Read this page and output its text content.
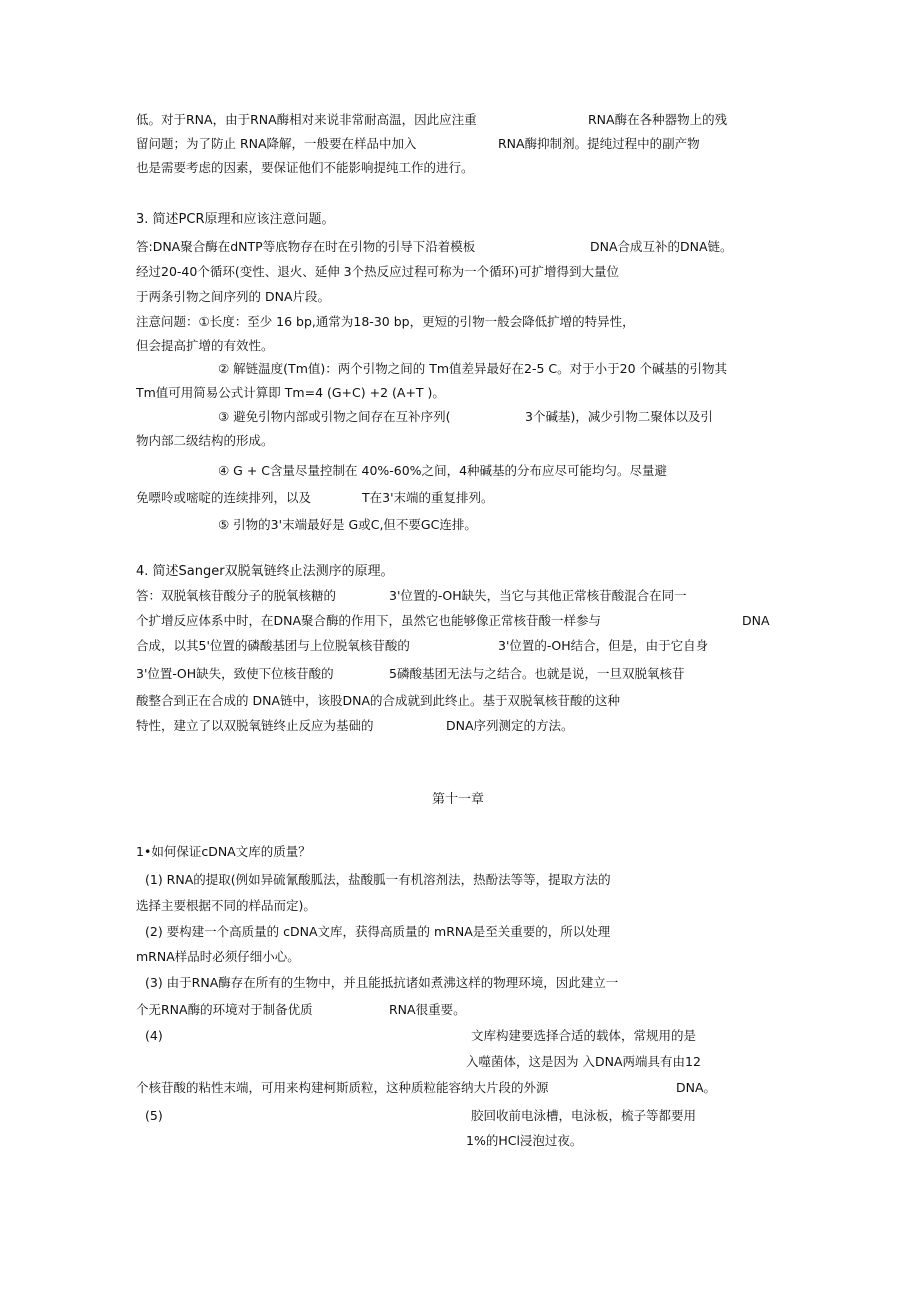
低。对于RNA，由于RNA酶相对来说非常耐高温，因此应注重	RNA酶在各种器物上的残
留问题；为了防止 RNA降解，一般要在样品中加入	RNA酶抑制剂。提纯过程中的副产物
也是需要考虑的因素，要保证他们不能影响提纯工作的进行。
3. 简述PCR原理和应该注意问题。
答:DNA聚合酶在dNTP等底物存在时在引物的引导下沿着模板	DNA合成互补的DNA链。
经过20-40个循环(变性、退火、延伸 3个热反应过程可称为一个循环)可扩增得到大量位
于两条引物之间序列的 DNA片段。
注意问题：①长度：至少 16 bp,通常为18-30 bp，更短的引物一般会降低扩增的特异性，
但会提高扩增的有效性。
② 解链温度(Tm值)：两个引物之间的 Tm值差异最好在2-5 C。对于小于20 个碱基的引物其
Tm值可用简易公式计算即 Tm=4 (G+C) +2 (A+T )。
③ 避免引物内部或引物之间存在互补序列(	3个碱基)，减少引物二聚体以及引
物内部二级结构的形成。
④ G + C含量尽量控制在 40%-60%之间，4种碱基的分布应尽可能均匀。尽量避
免嘌呤或嘧啶的连续排列，以及	T在3'末端的重复排列。
⑤ 引物的3'末端最好是 G或C,但不要GC连排。
4. 简述Sanger双脱氧链终止法测序的原理。
答：双脱氧核苷酸分子的脱氧核糖的	3'位置的-OH缺失，当它与其他正常核苷酸混合在同一
个扩增反应体系中时，在DNA聚合酶的作用下，虽然它也能够像正常核苷酸一样参与	DNA
合成，以其5'位置的磷酸基团与上位脱氧核苷酸的	3'位置的-OH结合，但是，由于它自身
3'位置-OH缺失，致使下位核苷酸的	5磷酸基团无法与之结合。也就是说，一旦双脱氧核苷
酸整合到正在合成的 DNA链中，该股DNA的合成就到此终止。基于双脱氧核苷酸的这种
特性，建立了以双脱氧链终止反应为基础的	DNA序列测定的方法。
第十一章
1•如何保证cDNA文库的质量？
(1) RNA的提取(例如异硫氰酸胍法，盐酸胍一有机溶剂法，热酚法等等，提取方法的
选择主要根据不同的样品而定)。
(2) 要构建一个高质量的 cDNA文库，获得高质量的 mRNA是至关重要的，所以处理
mRNA样品时必须仔细小心。
(3) 由于RNA酶存在所有的生物中，并且能抵抗诸如煮沸这样的物理环境，因此建立一
个无RNA酶的环境对于制备优质	RNA很重要。
(4)	文库构建要选择合适的载体，常规用的是
入噬菌体，这是因为 入DNA两端具有由12
个核苷酸的粘性末端，可用来构建柯斯质粒，这种质粒能容纳大片段的外源	DNA。
(5)	胶回收前电泳槽，电泳板，梳子等都要用
1%的HCl浸泡过夜。
